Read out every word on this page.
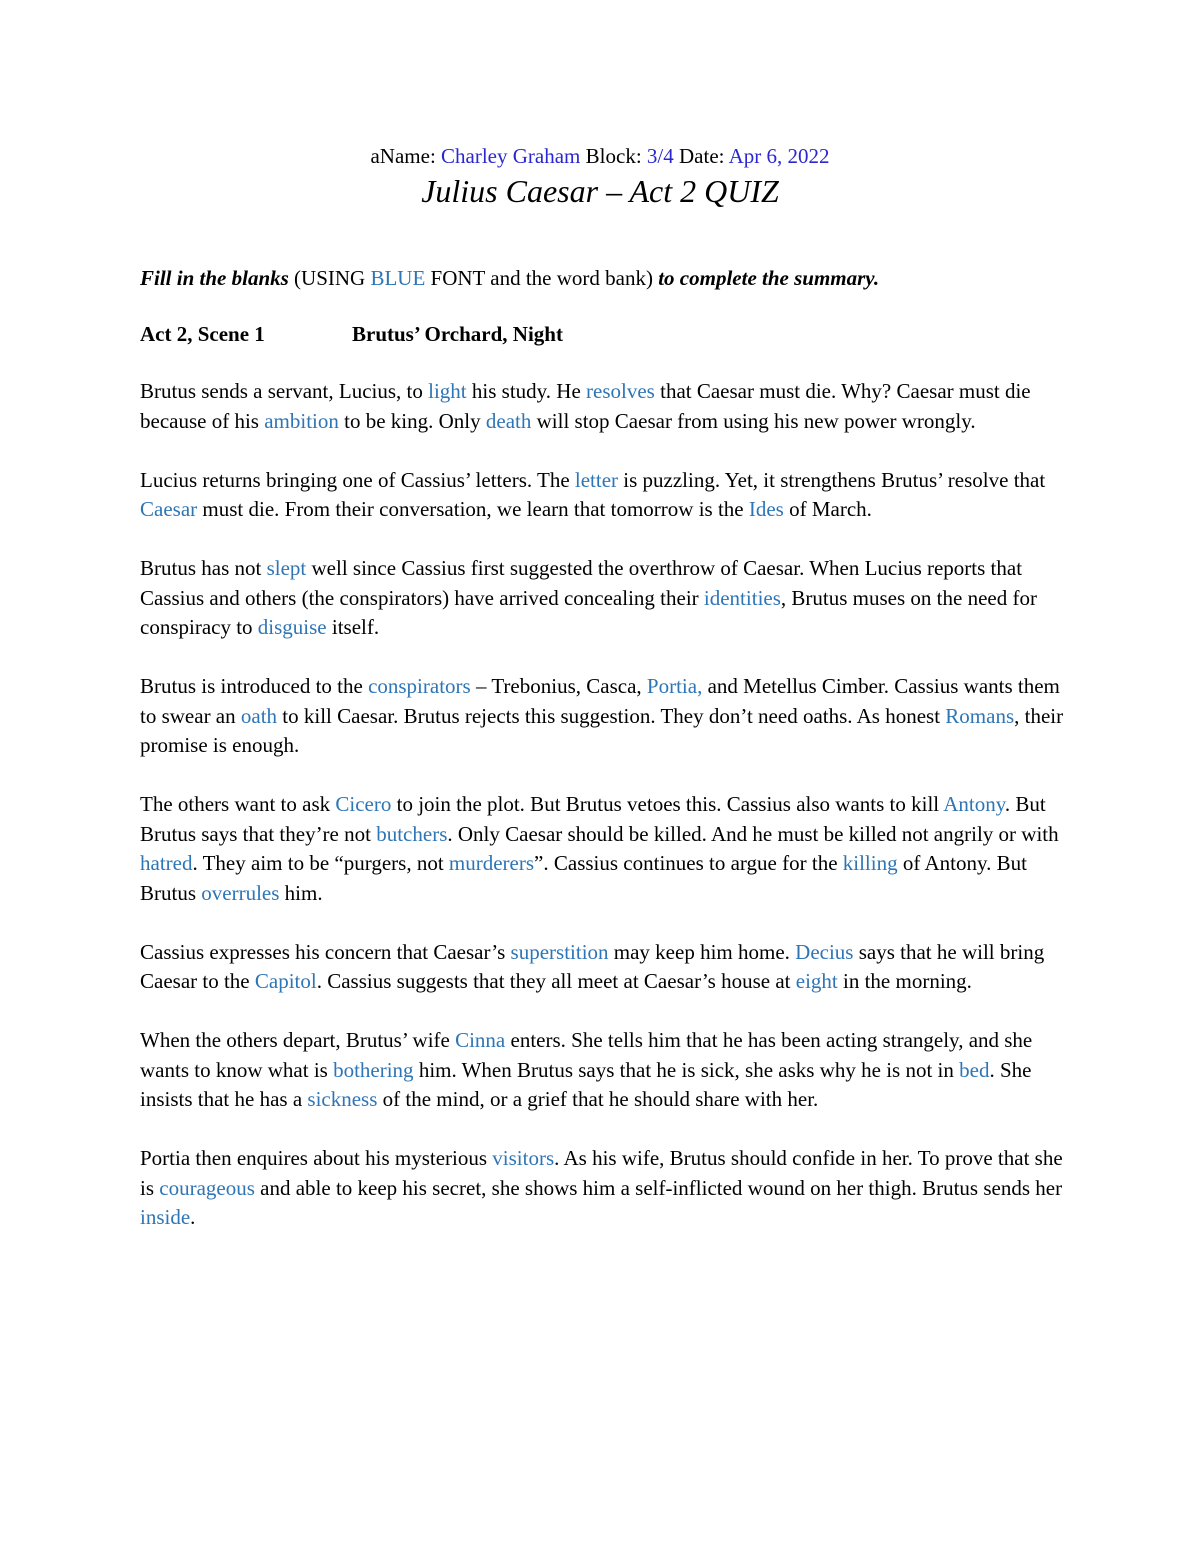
aName: Charley Graham Block: 3/4 Date: Apr 6, 2022
Julius Caesar – Act 2 QUIZ
Fill in the blanks (USING BLUE FONT and the word bank) to complete the summary.
Act 2, Scene 1	Brutus’ Orchard, Night

Brutus sends a servant, Lucius, to light his study. He resolves that Caesar must die. Why? Caesar must die because of his ambition to be king. Only death will stop Caesar from using his new power wrongly.

Lucius returns bringing one of Cassius’ letters. The letter is puzzling. Yet, it strengthens Brutus’ resolve that Caesar must die. From their conversation, we learn that tomorrow is the Ides of March.

Brutus has not slept well since Cassius first suggested the overthrow of Caesar. When Lucius reports that Cassius and others (the conspirators) have arrived concealing their identities, Brutus muses on the need for conspiracy to disguise itself.

Brutus is introduced to the conspirators – Trebonius, Casca, Portia, and Metellus Cimber. Cassius wants them to swear an oath to kill Caesar. Brutus rejects this suggestion. They don’t need oaths. As honest Romans, their promise is enough.

The others want to ask Cicero to join the plot. But Brutus vetoes this. Cassius also wants to kill Antony. But Brutus says that they’re not butchers. Only Caesar should be killed. And he must be killed not angrily or with hatred. They aim to be “purgers, not murderers”. Cassius continues to argue for the killing of Antony. But Brutus overrules him.

Cassius expresses his concern that Caesar’s superstition may keep him home. Decius says that he will bring Caesar to the Capitol. Cassius suggests that they all meet at Caesar’s house at eight in the morning.

When the others depart, Brutus’ wife Cinna enters. She tells him that he has been acting strangely, and she wants to know what is bothering him. When Brutus says that he is sick, she asks why he is not in bed. She insists that he has a sickness of the mind, or a grief that he should share with her.

Portia then enquires about his mysterious visitors. As his wife, Brutus should confide in her. To prove that she is courageous and able to keep his secret, she shows him a self-inflicted wound on her thigh. Brutus sends her inside.
